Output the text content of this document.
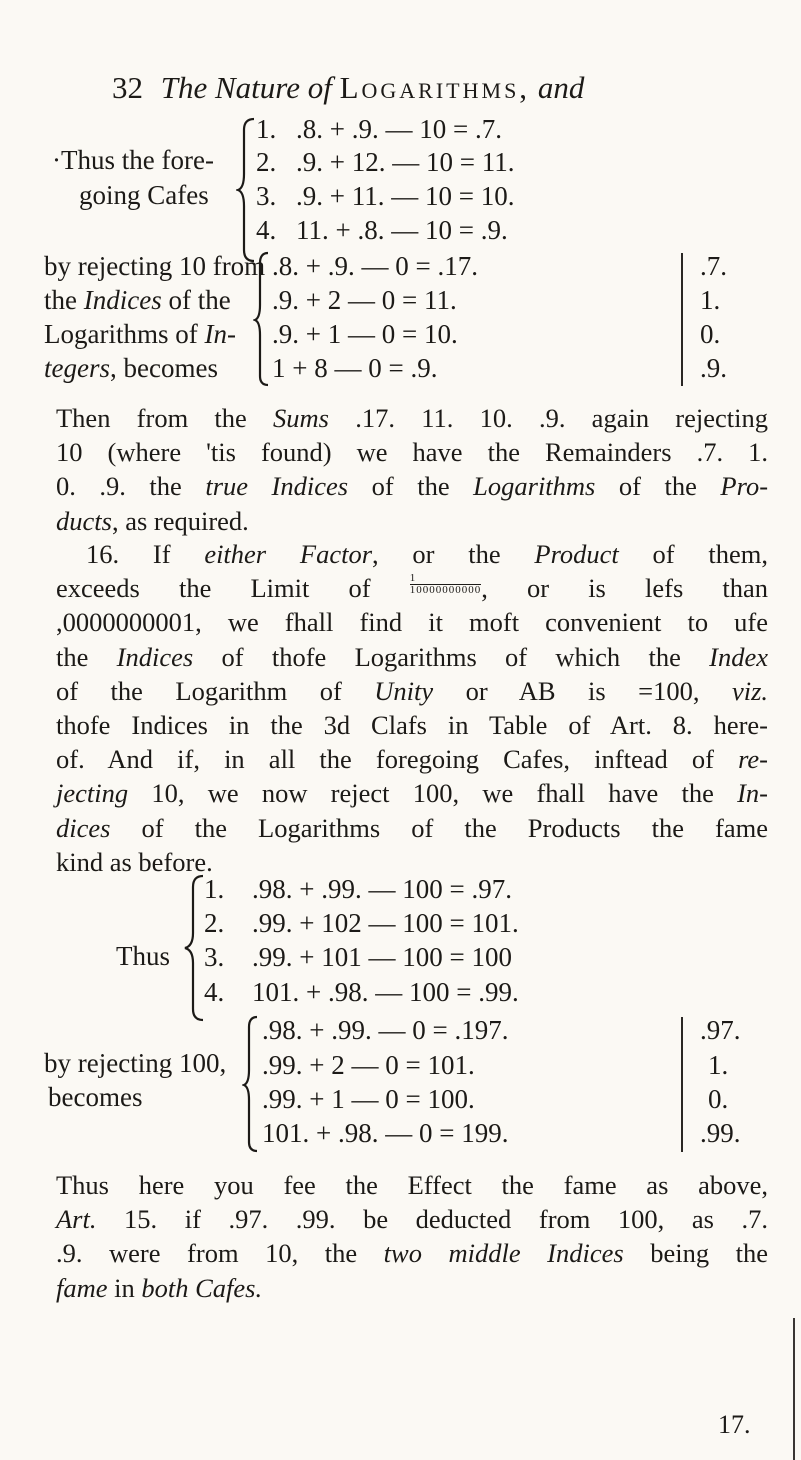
32 The Nature of Logarithms, and
·Thus the fore-
going Cafes
1. .8. + .9. — 10 = .7.
2. .9. + 12. — 10 = 11.
3. .9. + 11. — 10 = 10.
4. 11. + .8. — 10 = .9.
by rejecting 10 from
the Indices of the
Logarithms of In-
tegers, becomes
.8. + .9. — 0 = .17.
.9. + 2 — 0 = 11.
.9. + 1 — 0 = 10.
1 + 8 — 0 = .9.
.7.
1.
0.
.9.
Then from the Sums .17. 11. 10. .9. again rejecting
10 (where 'tis found) we have the Remainders .7. 1.
0. .9. the true Indices of the Logarithms of the Pro-
ducts, as required.
16. If either Factor, or the Product of them,
exceeds the Limit of	$\frac{1}{10000000000}$ , or is lefs than
,0000000001, we fhall find it moft convenient to ufe
the Indices of thofe Logarithms of which the Index
of the Logarithm of Unity or AB is =100, viz.
thofe Indices in the 3d Clafs in Table of Art. 8. here-
of. And if, in all the foregoing Cafes, inftead of re-
jecting 10, we now reject 100, we fhall have the In-
dices of the Logarithms of the Products the fame
kind as before.
Thus
1. .98. + .99. — 100 = .97.
2. .99. + 102 — 100 = 101.
3. .99. + 101 — 100 = 100
4. 101. + .98. — 100 = .99.
by rejecting 100,
becomes
.98. + .99. — 0 = .197.
.99. + 2 — 0 = 101.
.99. + 1 — 0 = 100.
101. + .98. — 0 = 199.
.97.
1.
0.
.99.
Thus here you fee the Effect the fame as above,
Art. 15. if .97. .99. be deducted from 100, as .7.
.9. were from 10, the two middle Indices being the
fame in both Cafes.
17.
